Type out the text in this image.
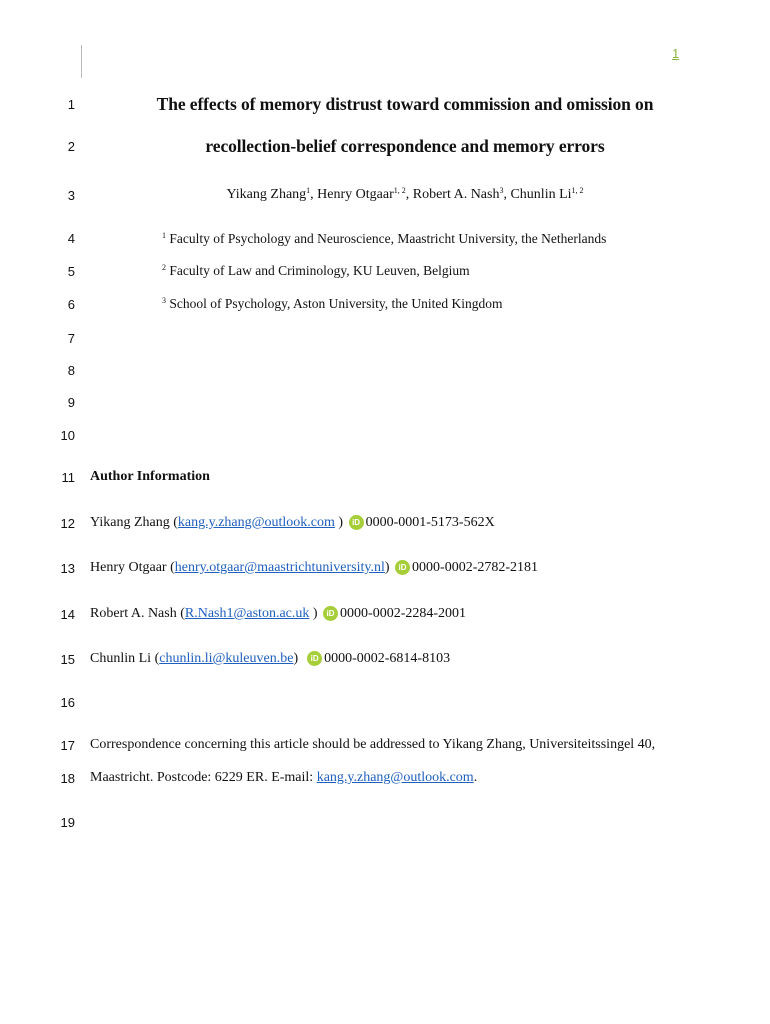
1
1
2
3
4
5
6
7
8
9
10
11
12
13
14
15
16
17
18
19
The effects of memory distrust toward commission and omission on
recollection-belief correspondence and memory errors
Yikang Zhang$^1$, Henry Otgaar$^{1, 2}$, Robert A. Nash$^3$, Chunlin Li$^{1, 2}$
$^1$ Faculty of Psychology and Neuroscience, Maastricht University, the Netherlands
$^2$ Faculty of Law and Criminology, KU Leuven, Belgium
$^3$ School of Psychology, Aston University, the United Kingdom
Author Information
Yikang Zhang (kang.y.zhang@outlook.com ) iD 0000-0001-5173-562X
Henry Otgaar (henry.otgaar@maastrichtuniversity.nl) iD 0000-0002-2782-2181
Robert A. Nash (R.Nash1@aston.ac.uk ) iD 0000-0002-2284-2001
Chunlin Li (chunlin.li@kuleuven.be)  iD 0000-0002-6814-8103
Correspondence concerning this article should be addressed to Yikang Zhang, Universiteitssingel 40,
Maastricht. Postcode: 6229 ER. E-mail: kang.y.zhang@outlook.com.
